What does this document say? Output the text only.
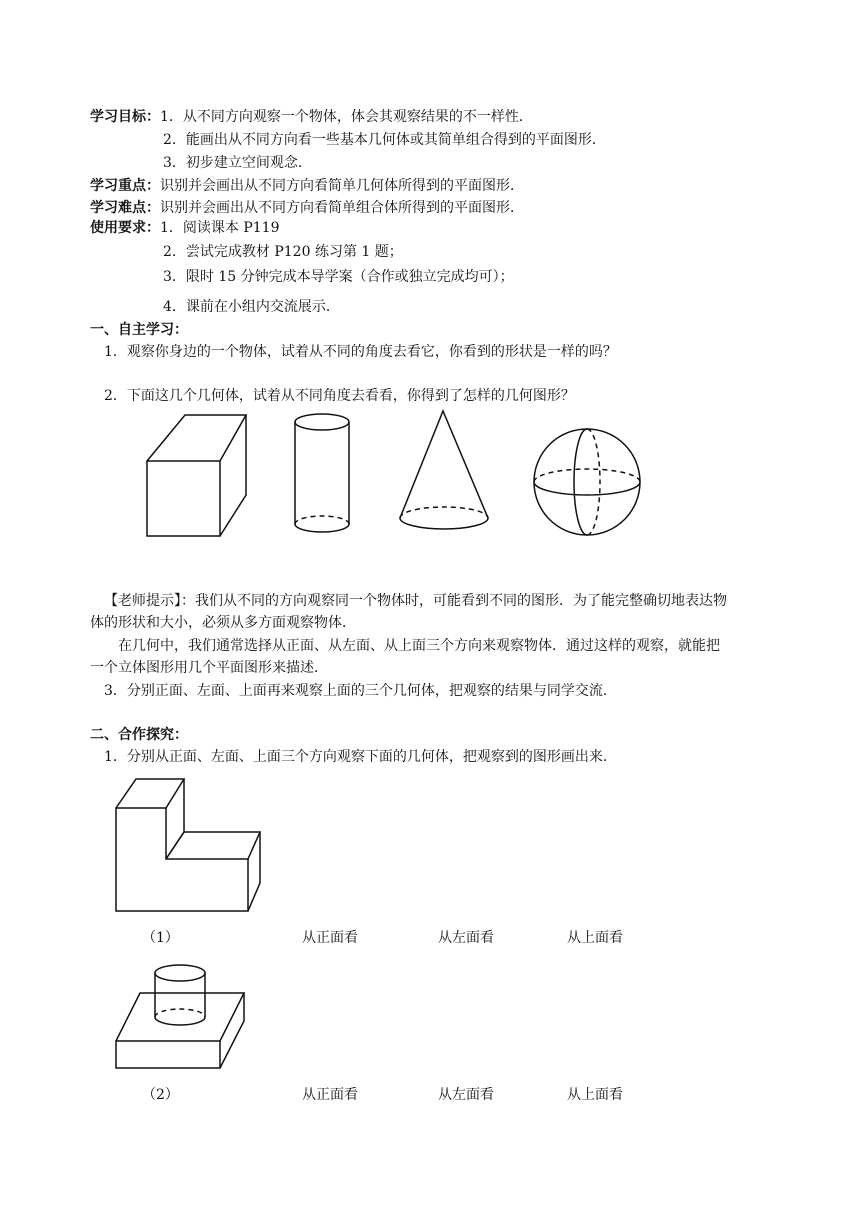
学习目标：1．从不同方向观察一个物体，体会其观察结果的不一样性．
2．能画出从不同方向看一些基本几何体或其简单组合得到的平面图形．
3．初步建立空间观念．
学习重点：识别并会画出从不同方向看简单几何体所得到的平面图形．
学习难点：识别并会画出从不同方向看简单组合体所得到的平面图形．
使用要求：1．阅读课本 P119
2．尝试完成教材 P120 练习第 1 题；
3．限时 15 分钟完成本导学案（合作或独立完成均可）；
4．课前在小组内交流展示．
一、自主学习：
1．观察你身边的一个物体，试着从不同的角度去看它，你看到的形状是一样的吗？
2．下面这几个几何体，试着从不同角度去看看，你得到了怎样的几何图形？
【老师提示】：我们从不同的方向观察同一个物体时，可能看到不同的图形．为了能完整确切地表达物
体的形状和大小，必须从多方面观察物体．
在几何中，我们通常选择从正面、从左面、从上面三个方向来观察物体．通过这样的观察，就能把
一个立体图形用几个平面图形来描述．
3．分别正面、左面、上面再来观察上面的三个几何体，把观察的结果与同学交流．
二、合作探究：
1．分别从正面、左面、上面三个方向观察下面的几何体，把观察到的图形画出来．
（1）	从正面看	从左面看	从上面看
（2）	从正面看	从左面看	从上面看
